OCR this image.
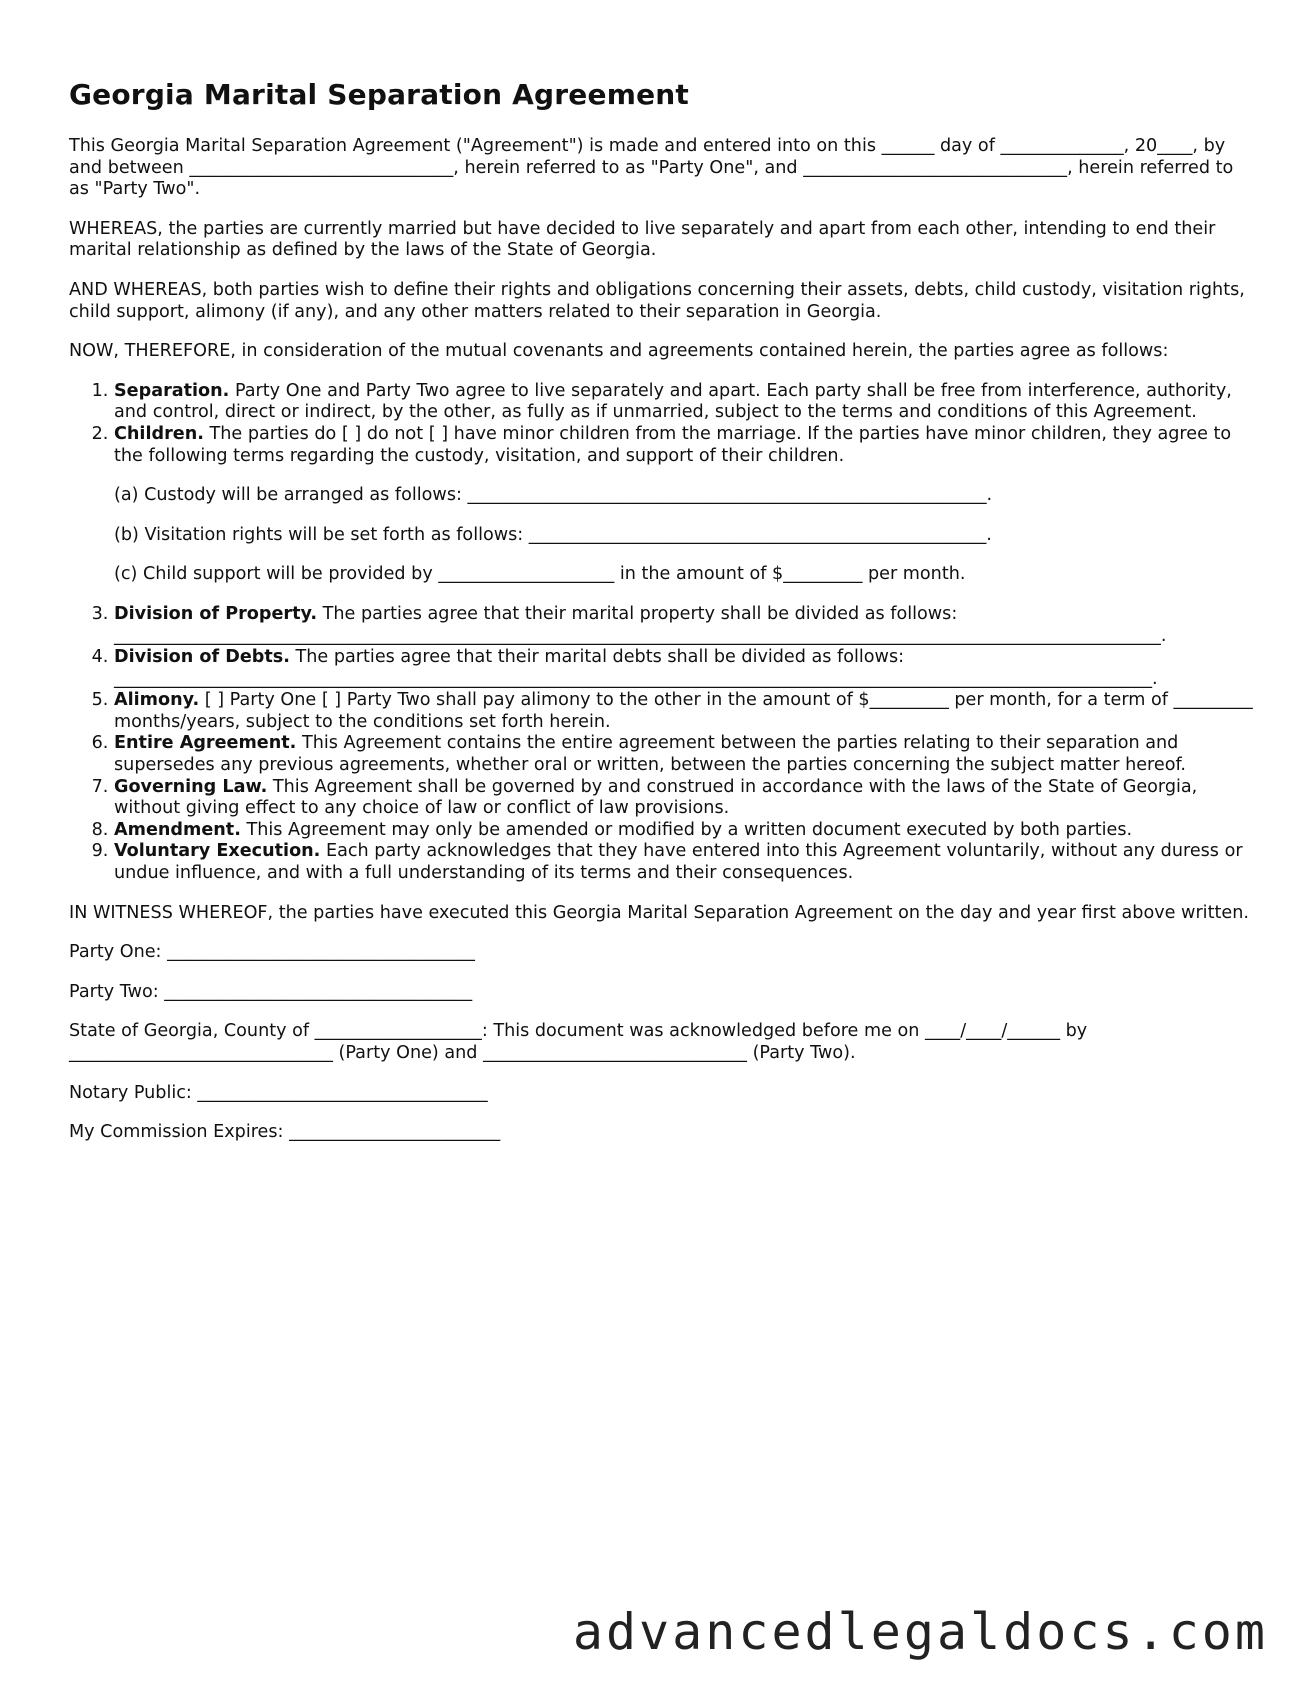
Georgia Marital Separation Agreement

This Georgia Marital Separation Agreement ("Agreement") is made and entered into on this ______ day of ______________, 20____, by and between ______________________________, herein referred to as "Party One", and ______________________________, herein referred to as "Party Two".

WHEREAS, the parties are currently married but have decided to live separately and apart from each other, intending to end their marital relationship as defined by the laws of the State of Georgia.

AND WHEREAS, both parties wish to define their rights and obligations concerning their assets, debts, child custody, visitation rights, child support, alimony (if any), and any other matters related to their separation in Georgia.

NOW, THEREFORE, in consideration of the mutual covenants and agreements contained herein, the parties agree as follows:

1. Separation. Party One and Party Two agree to live separately and apart. Each party shall be free from interference, authority, and control, direct or indirect, by the other, as fully as if unmarried, subject to the terms and conditions of this Agreement.
2. Children. The parties do [ ] do not [ ] have minor children from the marriage. If the parties have minor children, they agree to the following terms regarding the custody, visitation, and support of their children.
(a) Custody will be arranged as follows: ___________________________________________________________.
(b) Visitation rights will be set forth as follows: ____________________________________________________.
(c) Child support will be provided by ____________________ in the amount of $_________ per month.
3. Division of Property. The parties agree that their marital property shall be divided as follows:
_______________________________________________________________________________________________________________________.
4. Division of Debts. The parties agree that their marital debts shall be divided as follows:
______________________________________________________________________________________________________________________.
5. Alimony. [ ] Party One [ ] Party Two shall pay alimony to the other in the amount of $_________ per month, for a term of _________ months/years, subject to the conditions set forth herein.
6. Entire Agreement. This Agreement contains the entire agreement between the parties relating to their separation and supersedes any previous agreements, whether oral or written, between the parties concerning the subject matter hereof.
7. Governing Law. This Agreement shall be governed by and construed in accordance with the laws of the State of Georgia, without giving effect to any choice of law or conflict of law provisions.
8. Amendment. This Agreement may only be amended or modified by a written document executed by both parties.
9. Voluntary Execution. Each party acknowledges that they have entered into this Agreement voluntarily, without any duress or undue influence, and with a full understanding of its terms and their consequences.

IN WITNESS WHEREOF, the parties have executed this Georgia Marital Separation Agreement on the day and year first above written.

Party One: ___________________________________

Party Two: ___________________________________

State of Georgia, County of ___________________: This document was acknowledged before me on ____/____/______ by ______________________________ (Party One) and ______________________________ (Party Two).

Notary Public: _________________________________

My Commission Expires: ________________________

advancedlegaldocs.com
